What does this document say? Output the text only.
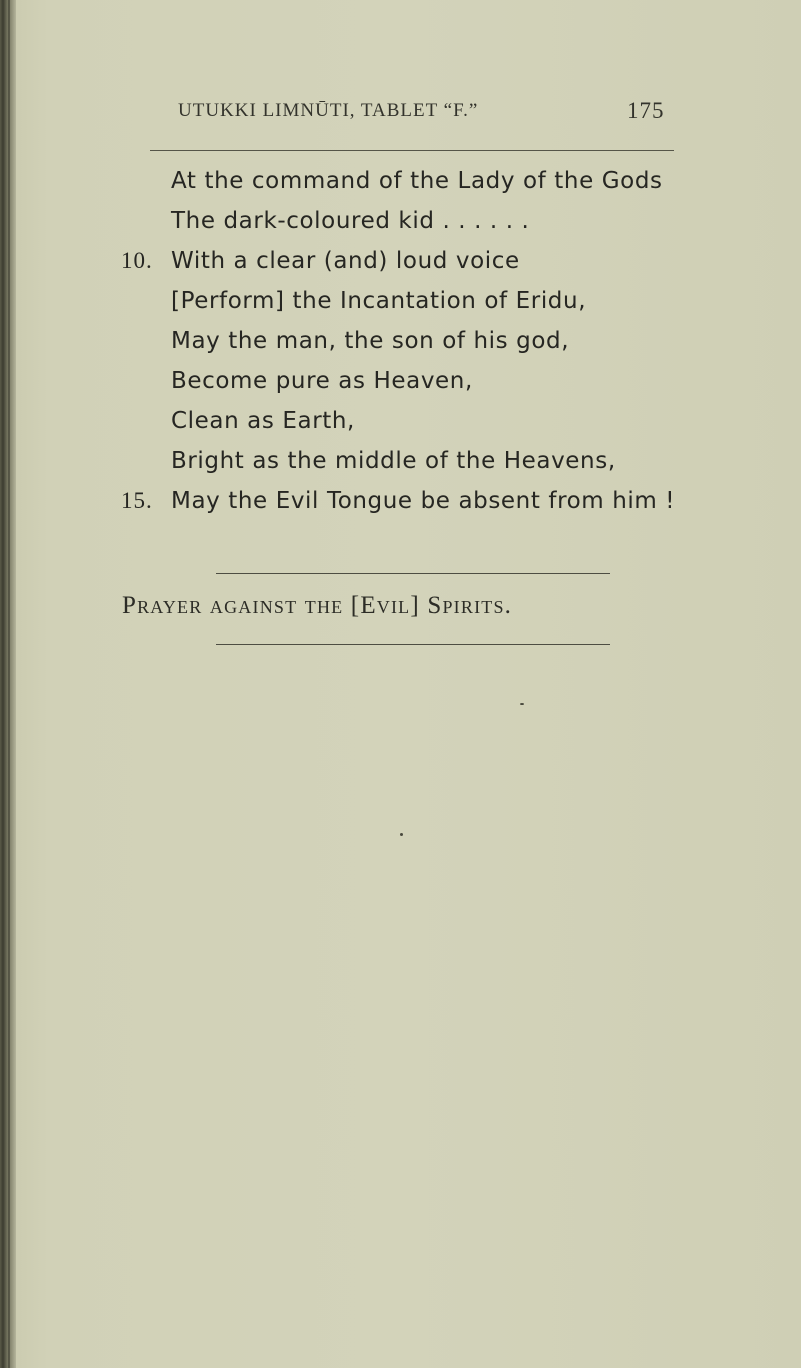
UTUKKI LIMNŪTI, TABLET “F.”	175
At the command of the Lady of the Gods
The dark-coloured kid . . . . . .
10. With a clear (and) loud voice
[Perform] the Incantation of Eridu,
May the man, the son of his god,
Become pure as Heaven,
Clean as Earth,
Bright as the middle of the Heavens,
15. May the Evil Tongue be absent from him !
Prayer against the [Evil] Spirits.
